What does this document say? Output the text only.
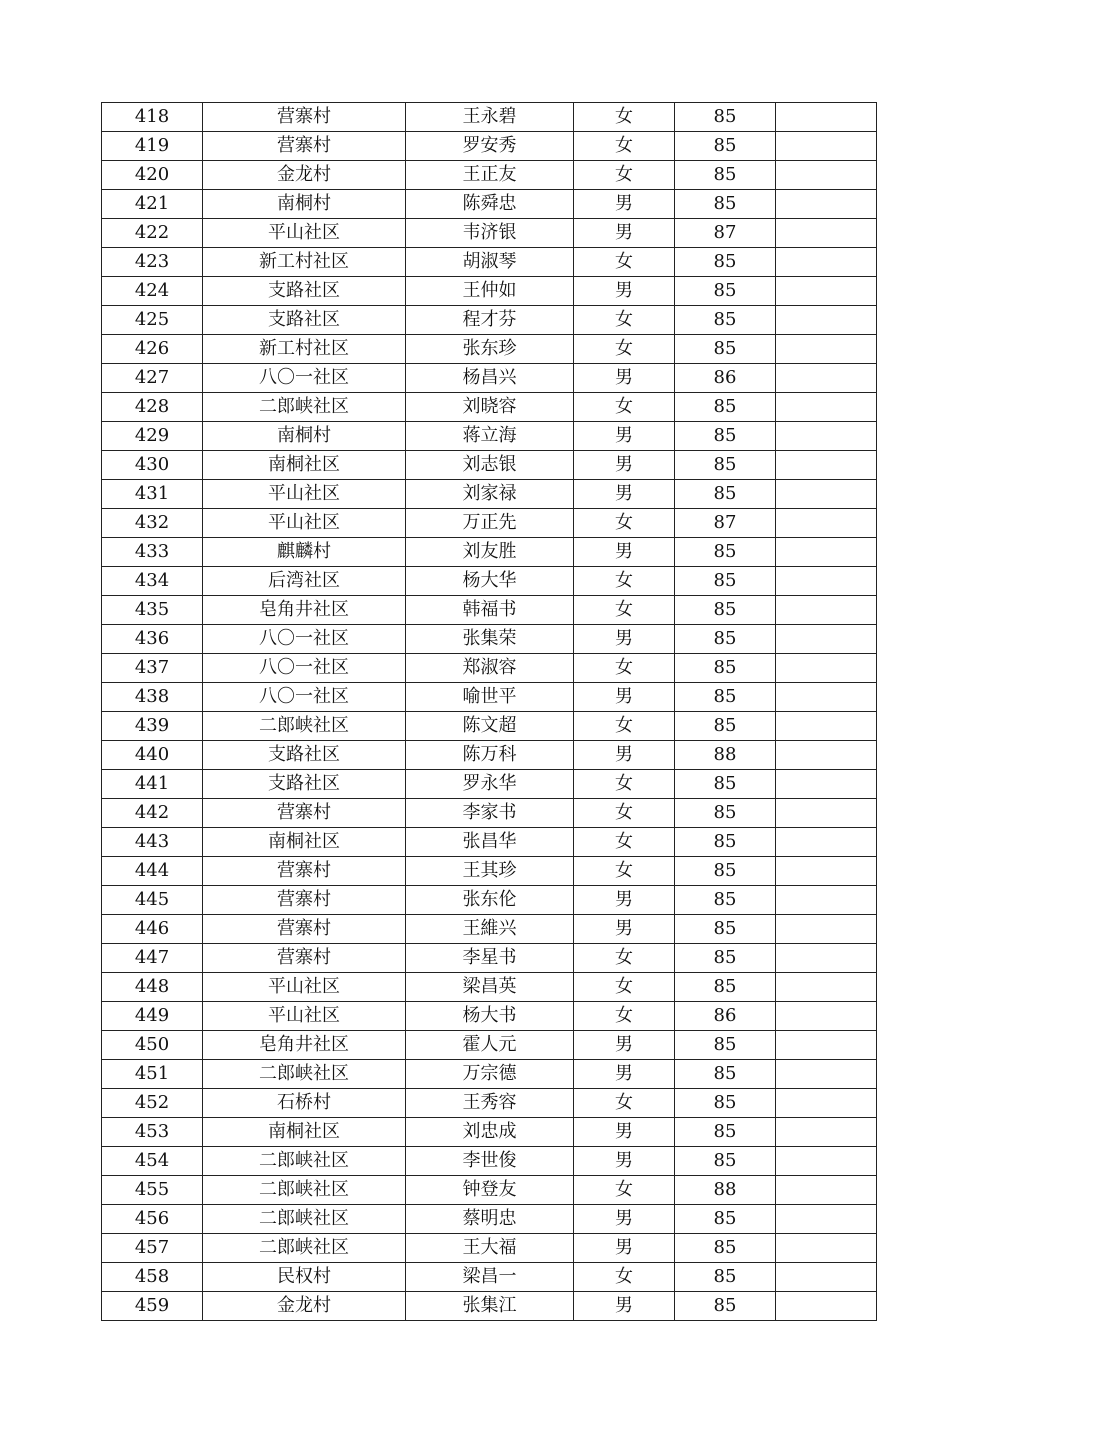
418	营寨村	王永碧	女	85	
419	营寨村	罗安秀	女	85	
420	金龙村	王正友	女	85	
421	南桐村	陈舜忠	男	85	
422	平山社区	韦济银	男	87	
423	新工村社区	胡淑琴	女	85	
424	支路社区	王仲如	男	85	
425	支路社区	程才芬	女	85	
426	新工村社区	张东珍	女	85	
427	八〇一社区	杨昌兴	男	86	
428	二郎峡社区	刘晓容	女	85	
429	南桐村	蒋立海	男	85	
430	南桐社区	刘志银	男	85	
431	平山社区	刘家禄	男	85	
432	平山社区	万正先	女	87	
433	麒麟村	刘友胜	男	85	
434	后湾社区	杨大华	女	85	
435	皂角井社区	韩福书	女	85	
436	八〇一社区	张集荣	男	85	
437	八〇一社区	郑淑容	女	85	
438	八〇一社区	喻世平	男	85	
439	二郎峡社区	陈文超	女	85	
440	支路社区	陈万科	男	88	
441	支路社区	罗永华	女	85	
442	营寨村	李家书	女	85	
443	南桐社区	张昌华	女	85	
444	营寨村	王其珍	女	85	
445	营寨村	张东伦	男	85	
446	营寨村	王維兴	男	85	
447	营寨村	李星书	女	85	
448	平山社区	梁昌英	女	85	
449	平山社区	杨大书	女	86	
450	皂角井社区	霍人元	男	85	
451	二郎峡社区	万宗德	男	85	
452	石桥村	王秀容	女	85	
453	南桐社区	刘忠成	男	85	
454	二郎峡社区	李世俊	男	85	
455	二郎峡社区	钟登友	女	88	
456	二郎峡社区	蔡明忠	男	85	
457	二郎峡社区	王大福	男	85	
458	民权村	梁昌一	女	85	
459	金龙村	张集江	男	85	
